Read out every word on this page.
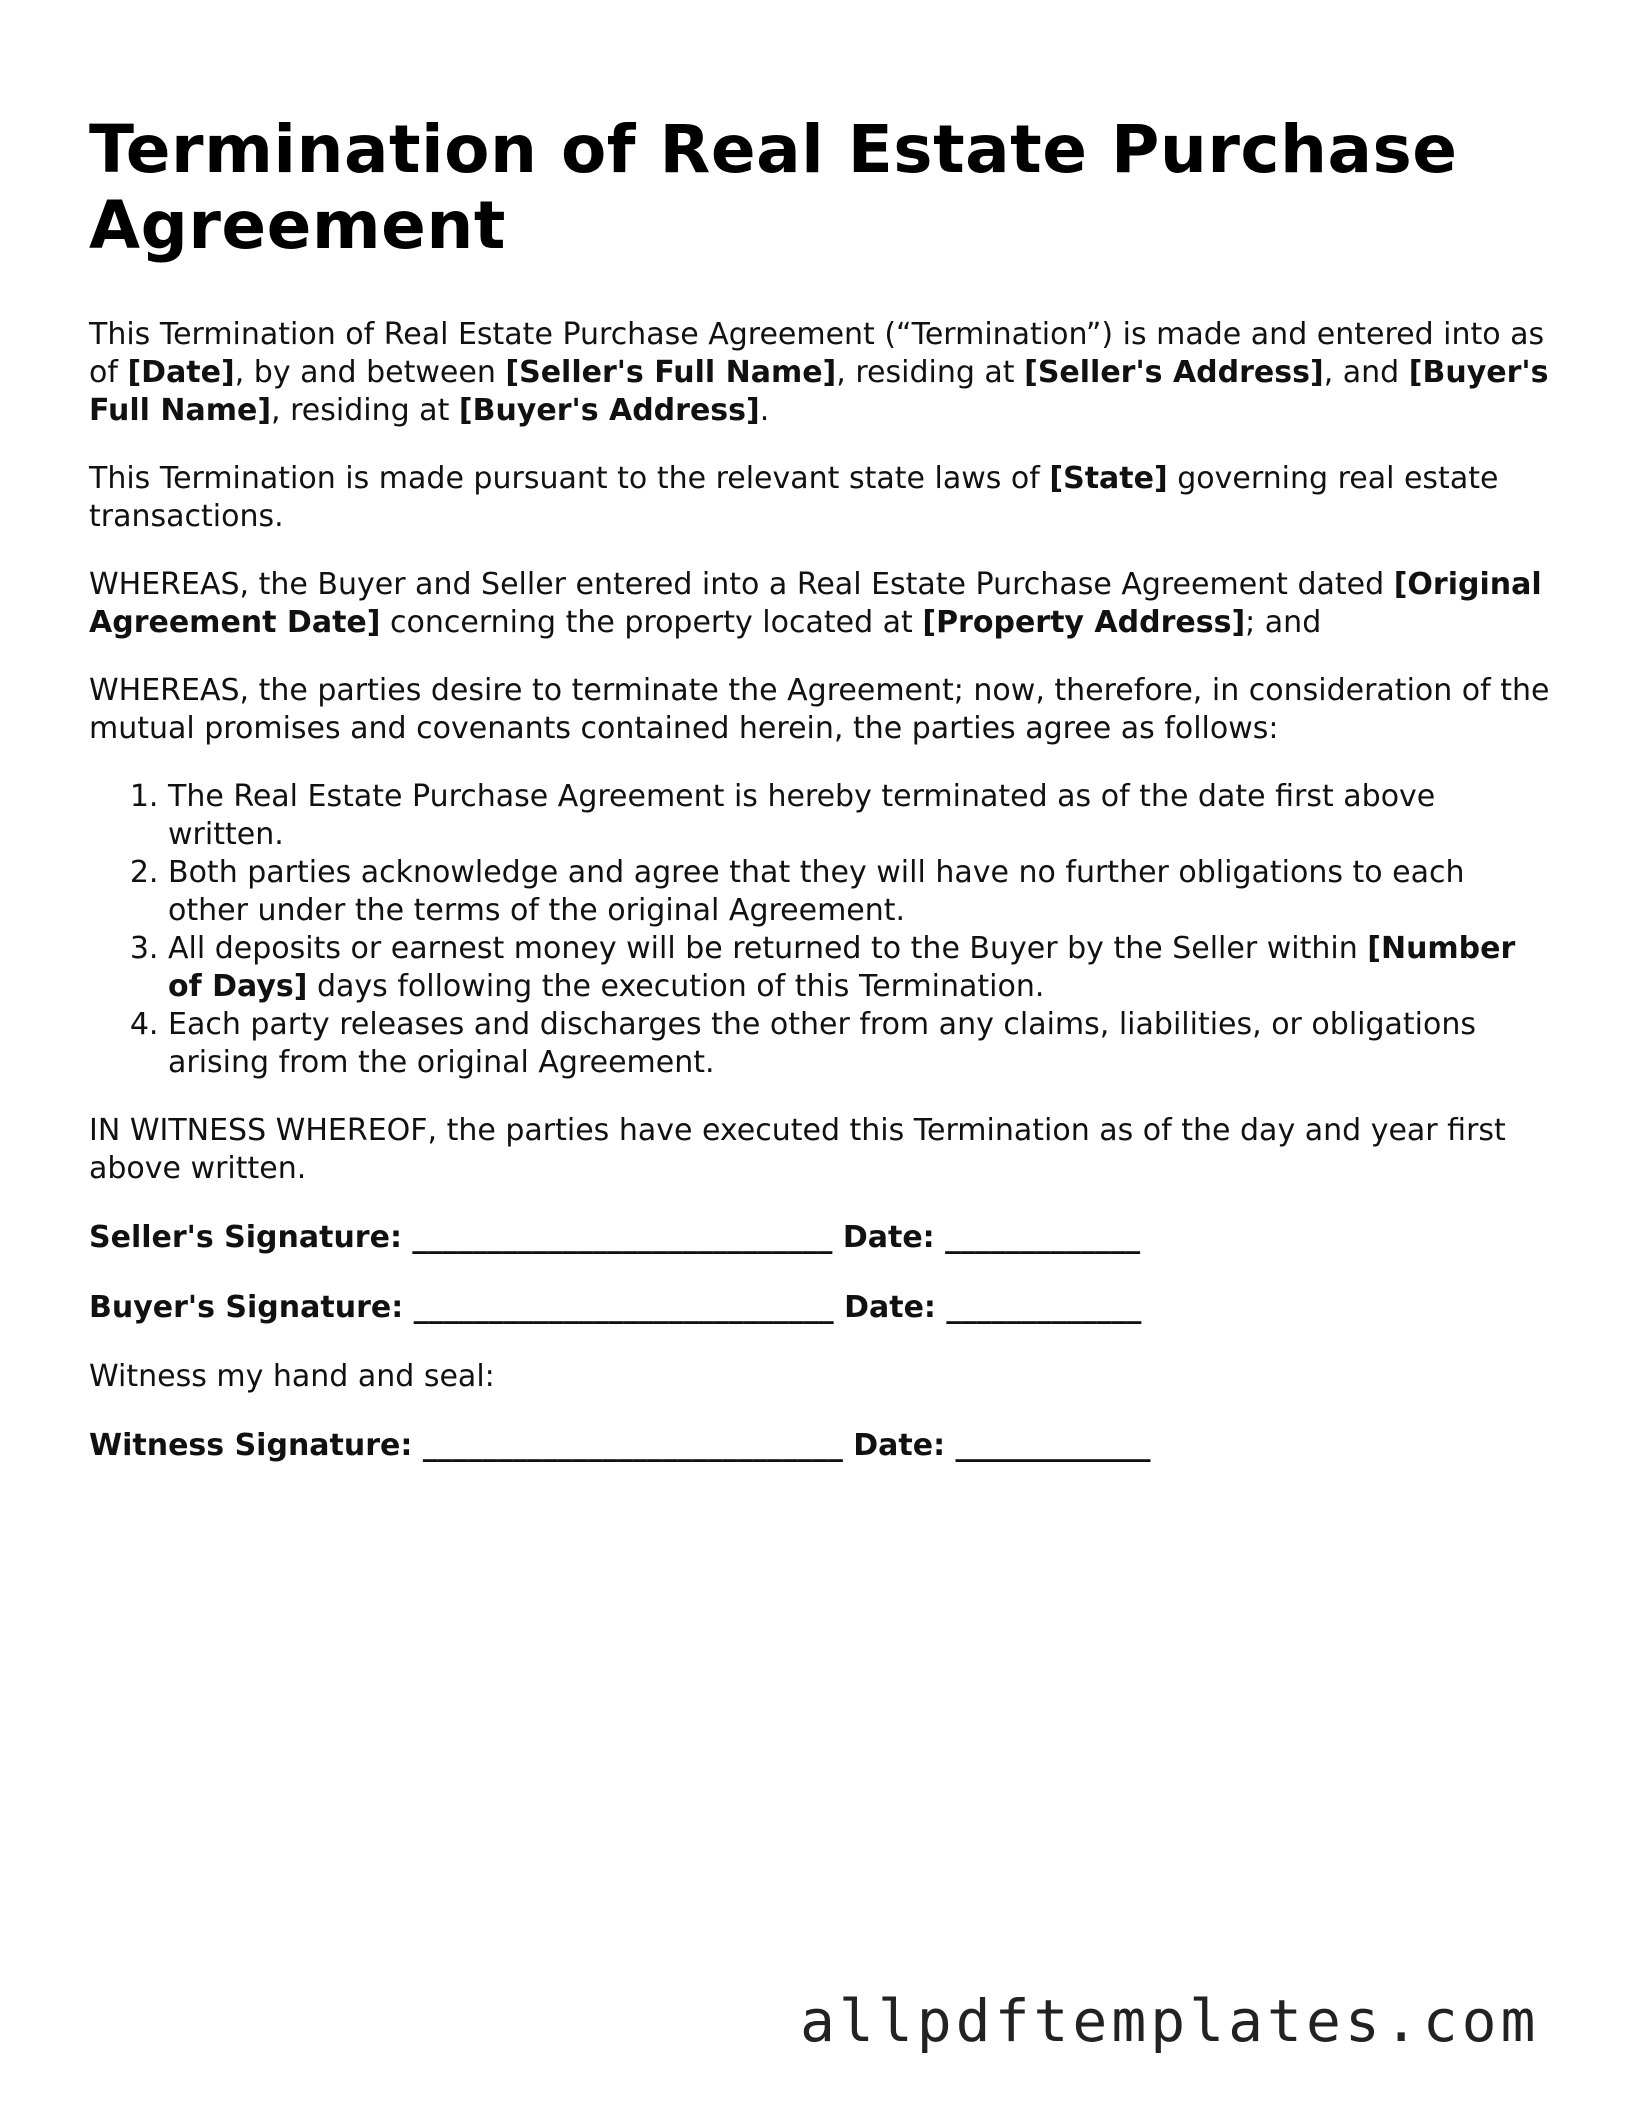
Termination of Real Estate Purchase Agreement

This Termination of Real Estate Purchase Agreement (“Termination”) is made and entered into as of [Date], by and between [Seller's Full Name], residing at [Seller's Address], and [Buyer's Full Name], residing at [Buyer's Address].

This Termination is made pursuant to the relevant state laws of [State] governing real estate transactions.

WHEREAS, the Buyer and Seller entered into a Real Estate Purchase Agreement dated [Original Agreement Date] concerning the property located at [Property Address]; and

WHEREAS, the parties desire to terminate the Agreement; now, therefore, in consideration of the mutual promises and covenants contained herein, the parties agree as follows:

1. The Real Estate Purchase Agreement is hereby terminated as of the date first above written.
2. Both parties acknowledge and agree that they will have no further obligations to each other under the terms of the original Agreement.
3. All deposits or earnest money will be returned to the Buyer by the Seller within [Number of Days] days following the execution of this Termination.
4. Each party releases and discharges the other from any claims, liabilities, or obligations arising from the original Agreement.

IN WITNESS WHEREOF, the parties have executed this Termination as of the day and year first above written.

Seller's Signature: ____________________________ Date: _____________
Buyer's Signature: ____________________________ Date: _____________

Witness my hand and seal:

Witness Signature: ____________________________ Date: _____________
allpdftemplates.com
